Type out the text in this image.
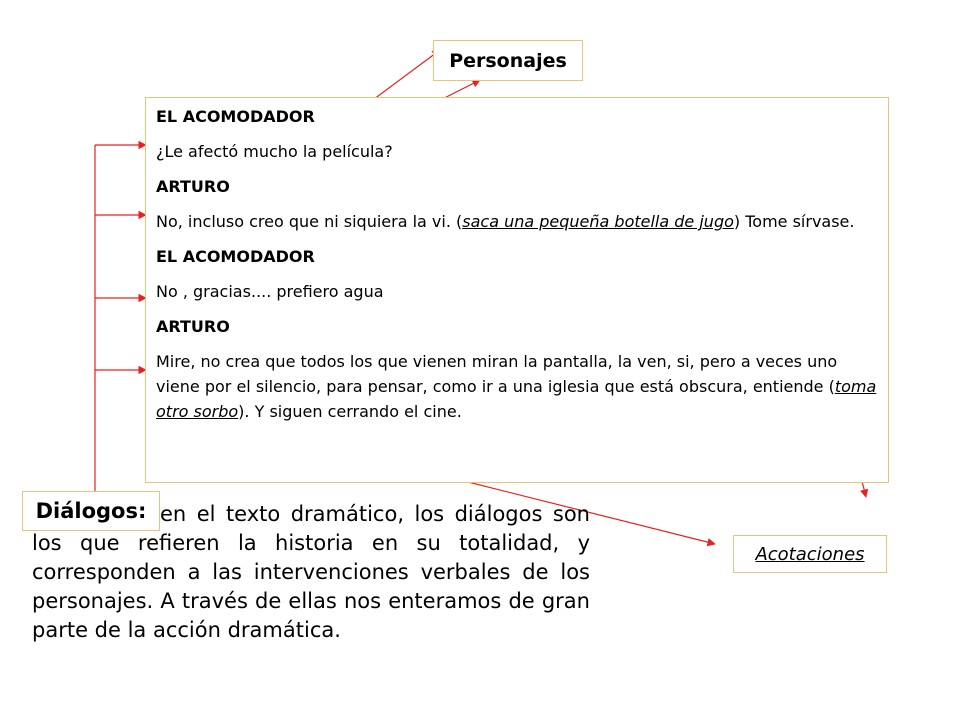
Personajes

EL ACOMODADOR

¿Le afectó mucho la película?

ARTURO

No, incluso creo que ni siquiera la vi. (saca una pequeña botella de jugo) Tome sírvase.

EL ACOMODADOR

No , gracias.... prefiero agua

ARTURO

Mire, no crea que todos los que vienen miran la pantalla, la ven, si, pero a veces uno viene por el silencio, para pensar, como ir a una iglesia que está obscura, entiende (toma otro sorbo). Y siguen cerrando el cine.

en el texto dramático, los diálogos son los que refieren la historia en su totalidad, y corresponden a las intervenciones verbales de los personajes. A través de ellas nos enteramos de gran parte de la acción dramática.
Diálogos:
Acotaciones
